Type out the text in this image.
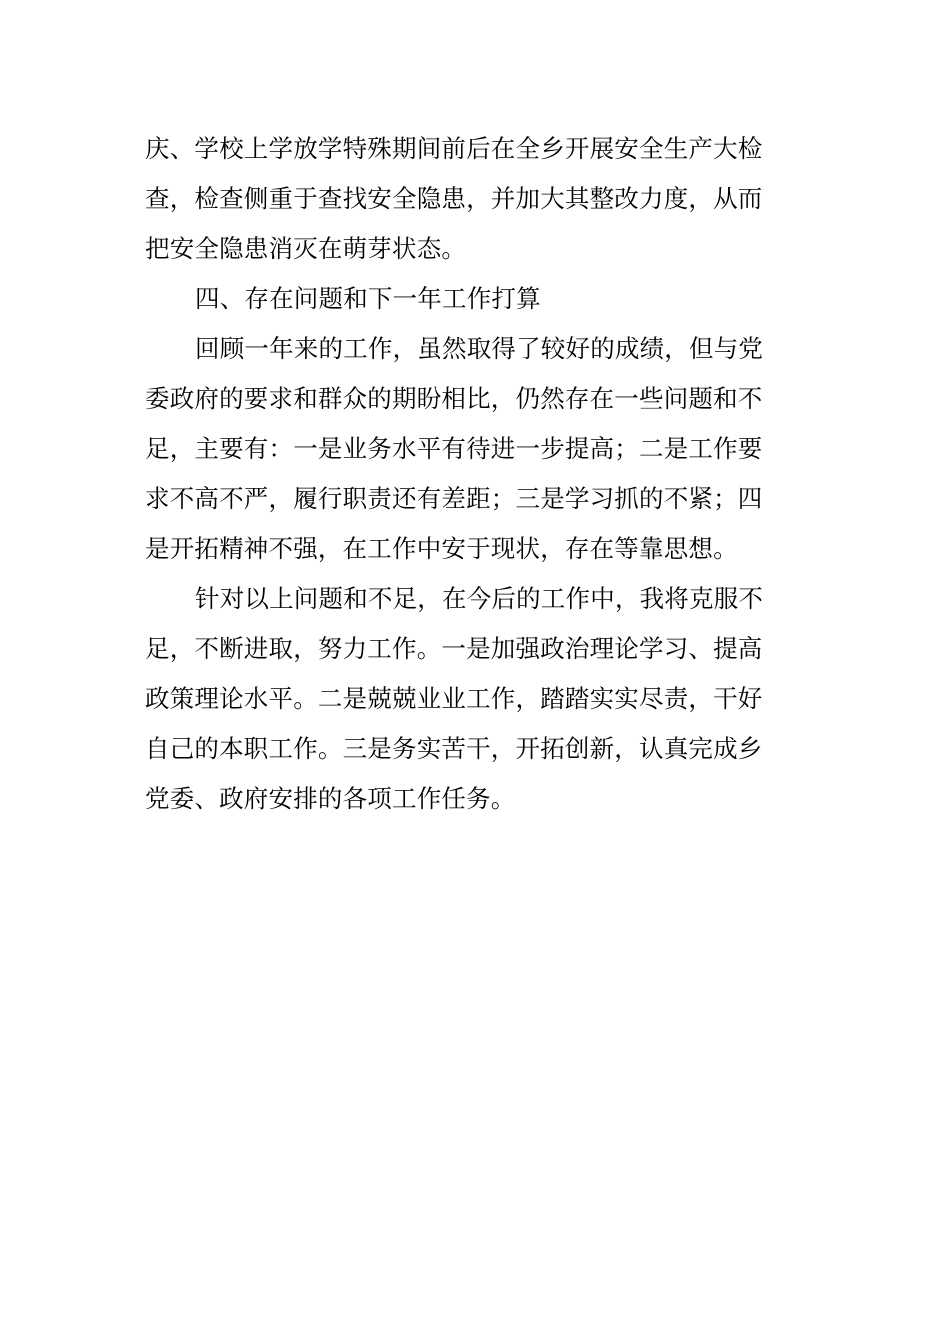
庆、学校上学放学特殊期间前后在全乡开展安全生产大检
查，检查侧重于查找安全隐患，并加大其整改力度，从而
把安全隐患消灭在萌芽状态。
四、存在问题和下一年工作打算
回顾一年来的工作，虽然取得了较好的成绩，但与党
委政府的要求和群众的期盼相比，仍然存在一些问题和不
足，主要有：一是业务水平有待进一步提高；二是工作要
求不高不严，履行职责还有差距；三是学习抓的不紧；四
是开拓精神不强，在工作中安于现状，存在等靠思想。
针对以上问题和不足，在今后的工作中，我将克服不
足，不断进取，努力工作。一是加强政治理论学习、提高
政策理论水平。二是兢兢业业工作，踏踏实实尽责，干好
自己的本职工作。三是务实苦干，开拓创新，认真完成乡
党委、政府安排的各项工作任务。
